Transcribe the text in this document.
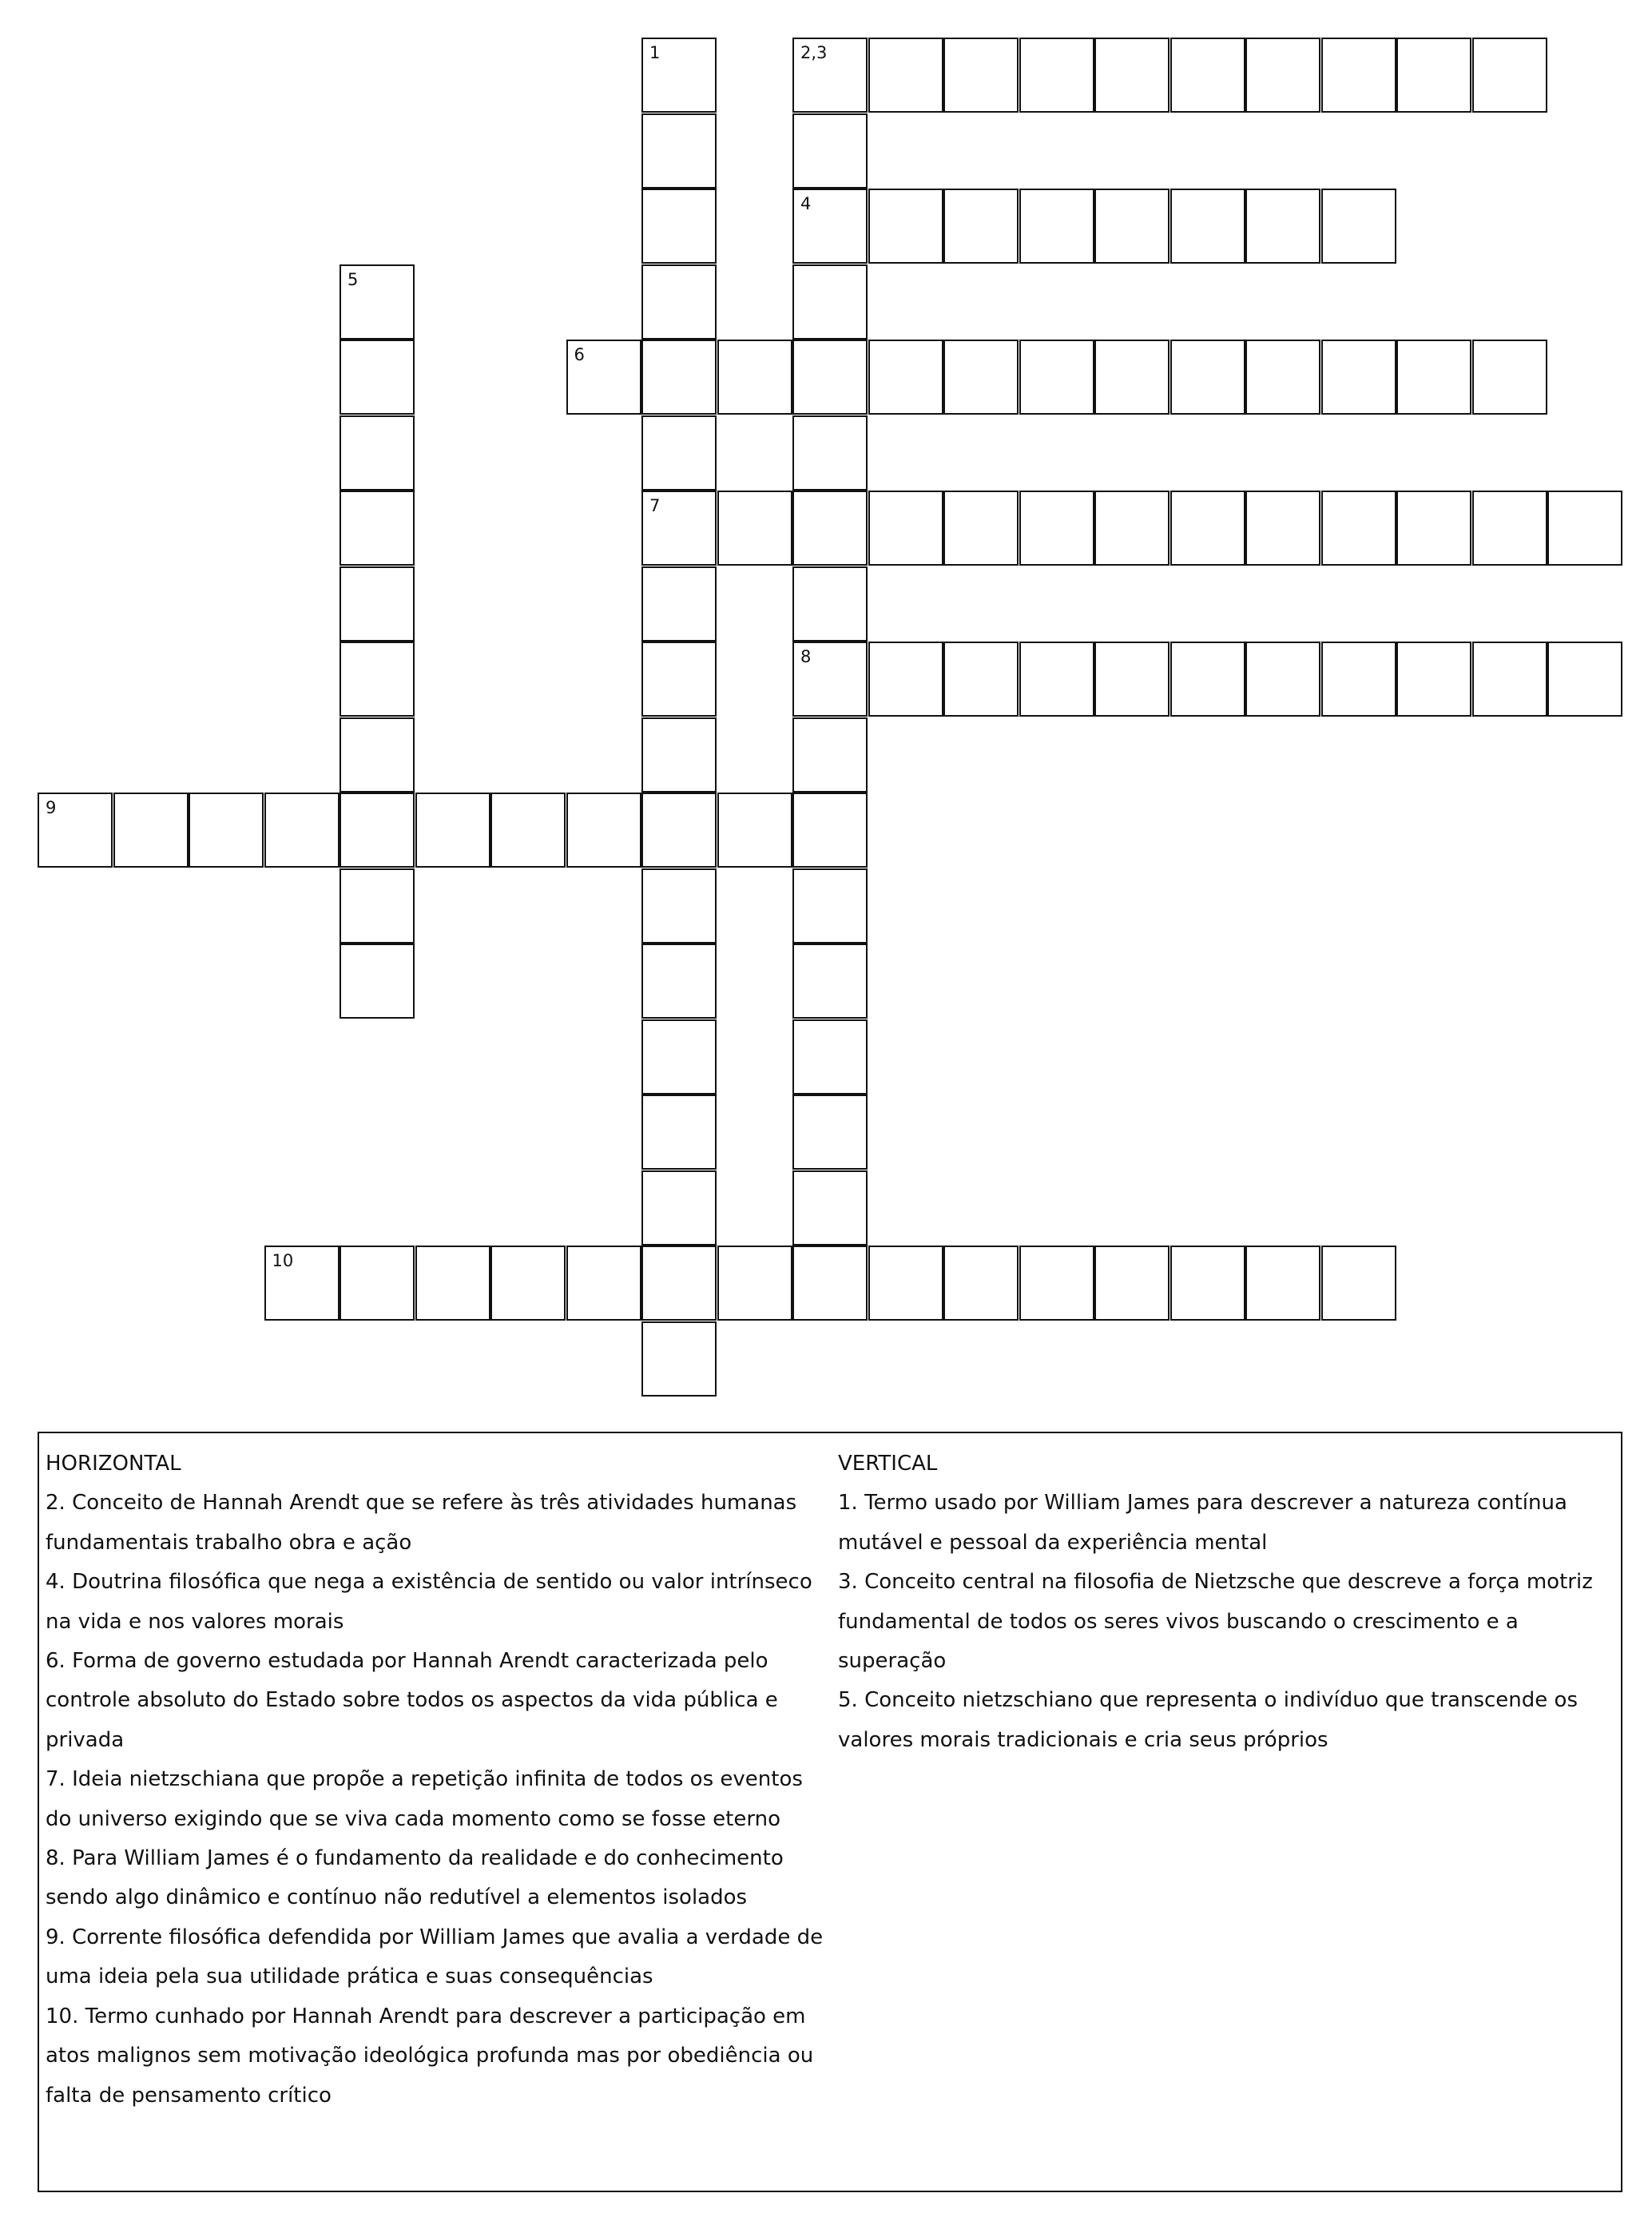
2,3
1
7
4
8
5
6
9
10
HORIZONTAL
2. Conceito de Hannah Arendt que se refere às três atividades humanas fundamentais trabalho obra e ação
4. Doutrina filosófica que nega a existência de sentido ou valor intrínseco na vida e nos valores morais
6. Forma de governo estudada por Hannah Arendt caracterizada pelo controle absoluto do Estado sobre todos os aspectos da vida pública e privada
7. Ideia nietzschiana que propõe a repetição infinita de todos os eventos do universo exigindo que se viva cada momento como se fosse eterno
8. Para William James é o fundamento da realidade e do conhecimento sendo algo dinâmico e contínuo não redutível a elementos isolados
9. Corrente filosófica defendida por William James que avalia a verdade de uma ideia pela sua utilidade prática e suas consequências
10. Termo cunhado por Hannah Arendt para descrever a participação em atos malignos sem motivação ideológica profunda mas por obediência ou falta de pensamento crítico
VERTICAL
1. Termo usado por William James para descrever a natureza contínua mutável e pessoal da experiência mental
3. Conceito central na filosofia de Nietzsche que descreve a força motriz fundamental de todos os seres vivos buscando o crescimento e a superação
5. Conceito nietzschiano que representa o indivíduo que transcende os valores morais tradicionais e cria seus próprios
